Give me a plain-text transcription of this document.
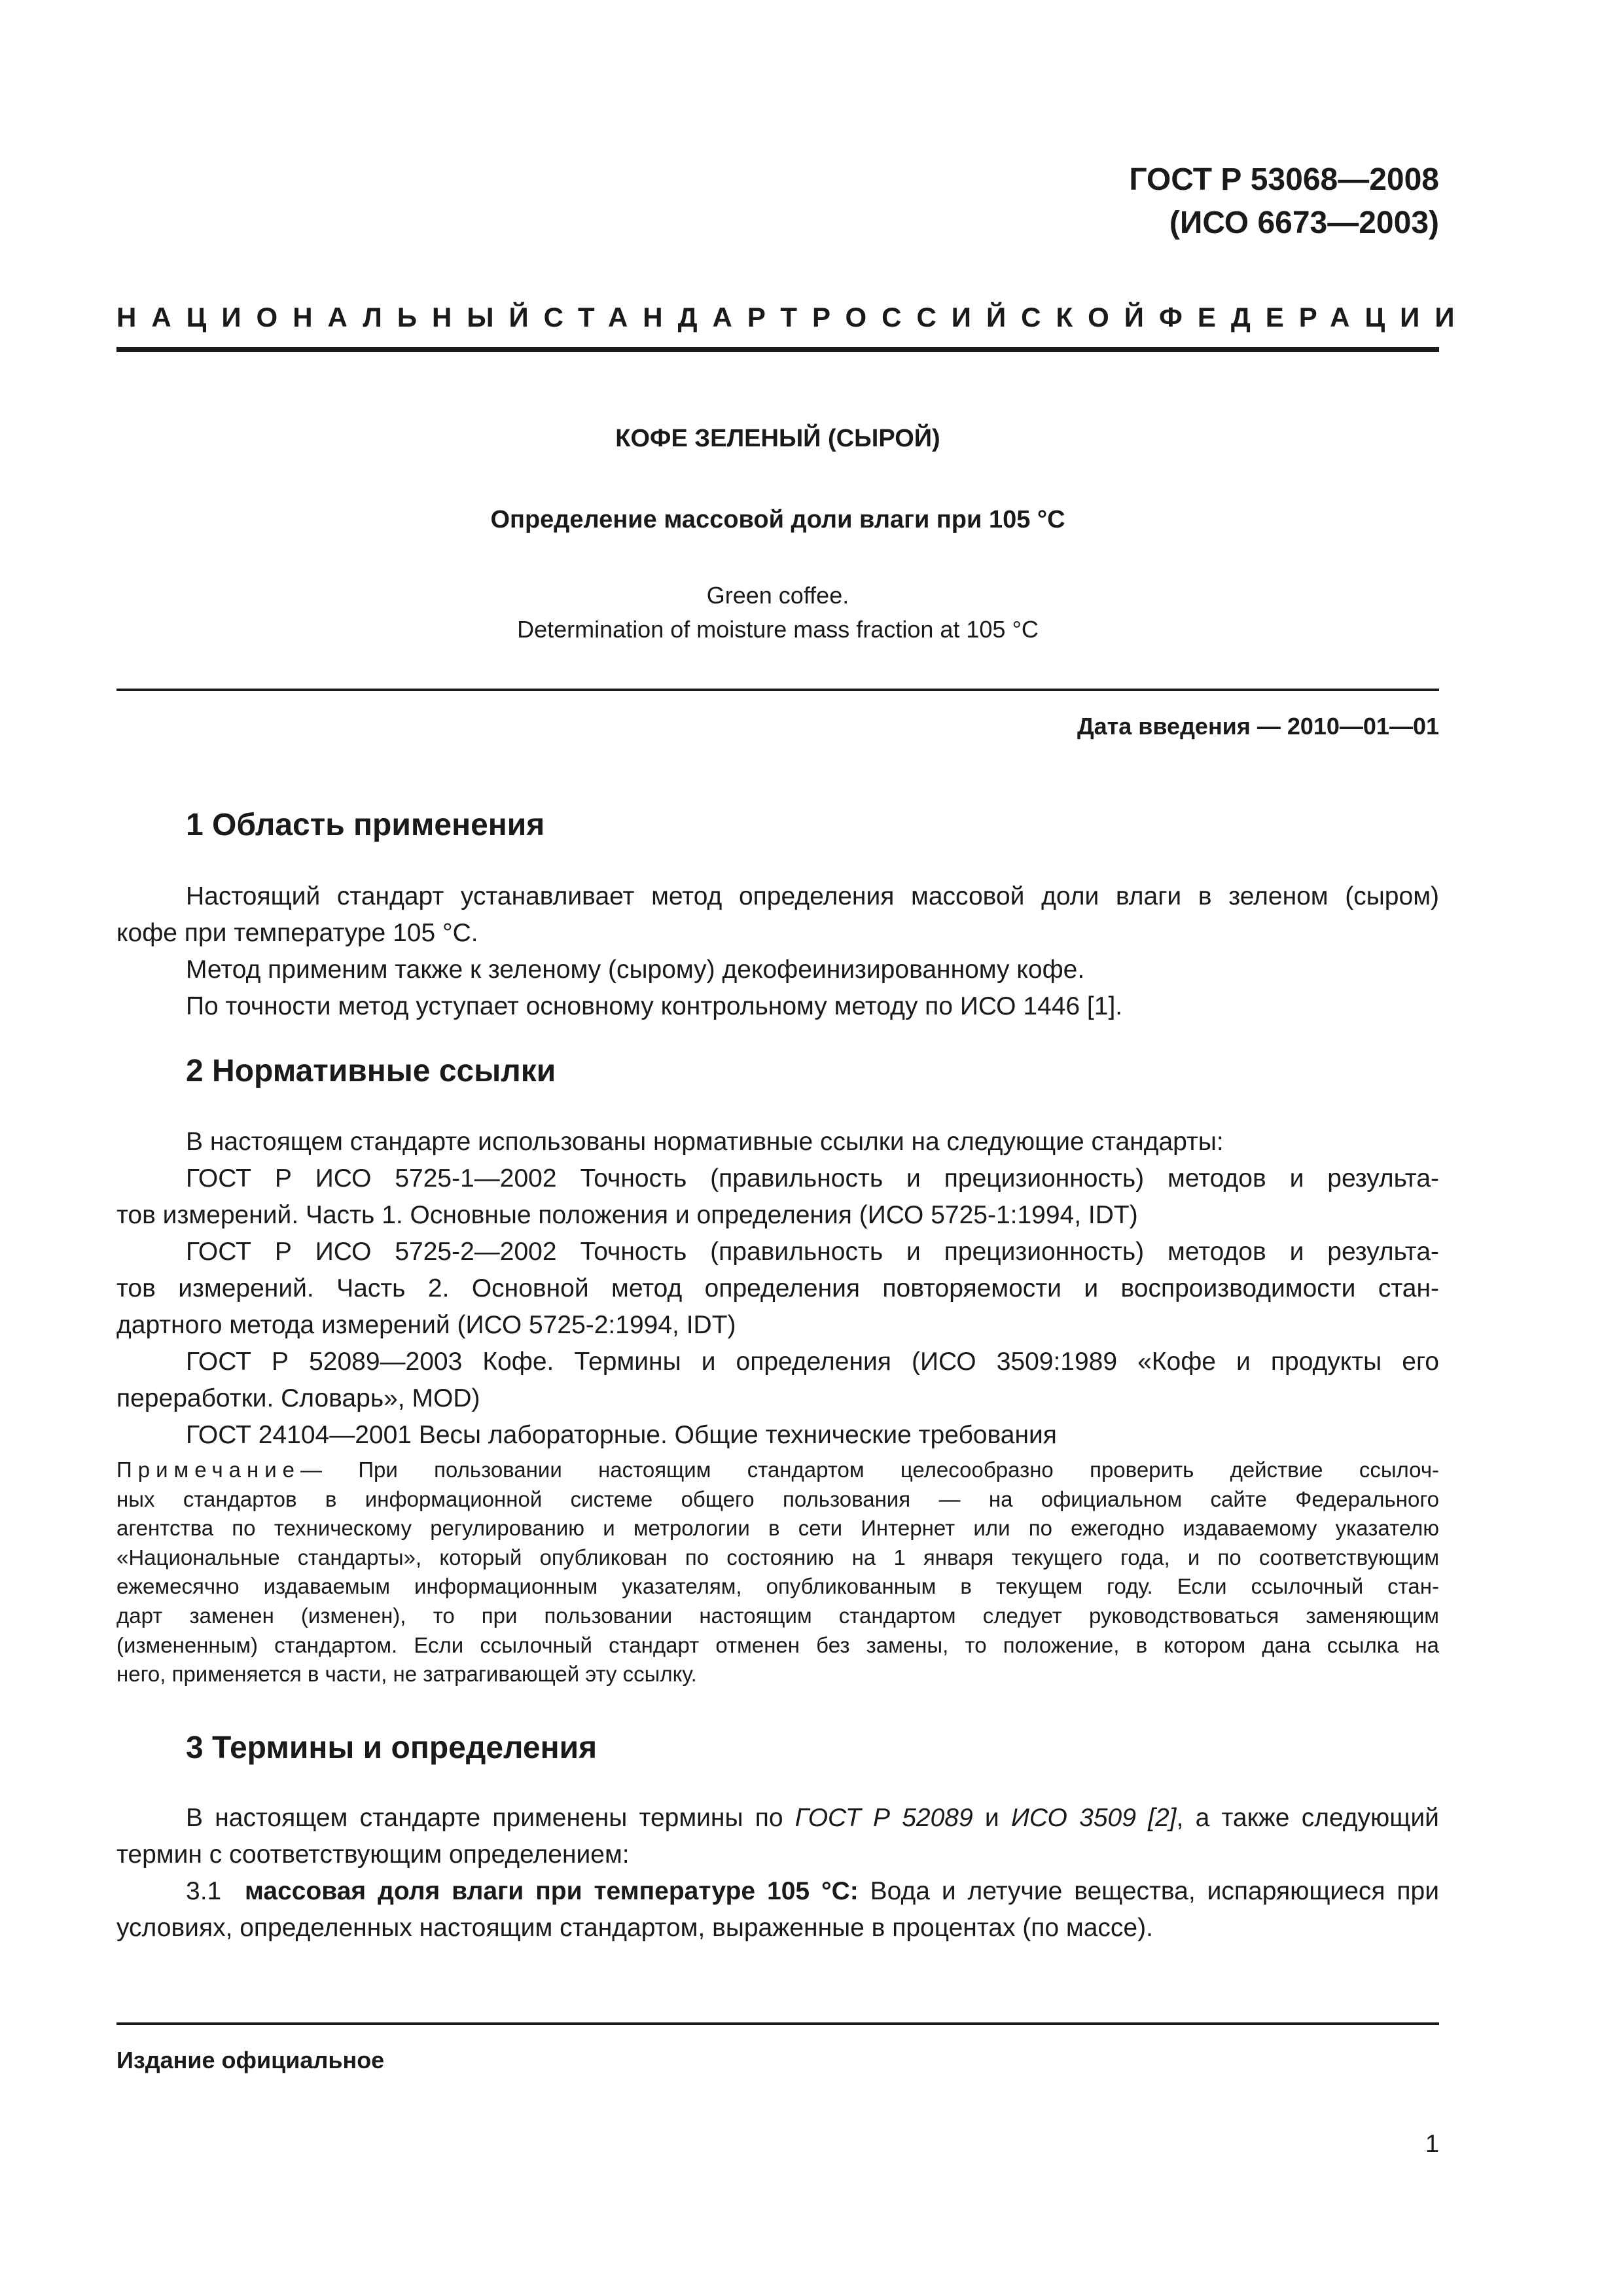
ГОСТ Р 53068—2008
(ИСО 6673—2003)
НАЦИОНАЛЬНЫЙ СТАНДАРТ РОССИЙСКОЙ ФЕДЕРАЦИИ
КОФЕ ЗЕЛЕНЫЙ (СЫРОЙ)
Определение массовой доли влаги при 105 °С
Green coffee.
Determination of moisture mass fraction at 105 °C
Дата введения — 2010—01—01
1 Область применения
Настоящий стандарт устанавливает метод определения массовой доли влаги в зеленом (сыром)
кофе при температуре 105 °С.
Метод применим также к зеленому (сырому) декофеинизированному кофе.
По точности метод уступает основному контрольному методу по ИСО 1446 [1].
2 Нормативные ссылки
В настоящем стандарте использованы нормативные ссылки на следующие стандарты:
ГОСТ Р ИСО 5725-1—2002 Точность (правильность и прецизионность) методов и результа-
тов измерений. Часть 1. Основные положения и определения (ИСО 5725-1:1994, IDT)
ГОСТ Р ИСО 5725-2—2002 Точность (правильность и прецизионность) методов и результа-
тов измерений. Часть 2. Основной метод определения повторяемости и воспроизводимости стан-
дартного метода измерений (ИСО 5725-2:1994, IDT)
ГОСТ Р 52089—2003 Кофе. Термины и определения (ИСО 3509:1989 «Кофе и продукты его
переработки. Словарь», MOD)
ГОСТ 24104—2001 Весы лабораторные. Общие технические требования
Примечание— При пользовании настоящим стандартом целесообразно проверить действие ссылоч-
ных стандартов в информационной системе общего пользования — на официальном сайте Федерального
агентства по техническому регулированию и метрологии в сети Интернет или по ежегодно издаваемому указателю
«Национальные стандарты», который опубликован по состоянию на 1 января текущего года, и по соответствующим
ежемесячно издаваемым информационным указателям, опубликованным в текущем году. Если ссылочный стан-
дарт заменен (изменен), то при пользовании настоящим стандартом следует руководствоваться заменяющим
(измененным) стандартом. Если ссылочный стандарт отменен без замены, то положение, в котором дана ссылка на
него, применяется в части, не затрагивающей эту ссылку.
3 Термины и определения
В настоящем стандарте применены термины по ГОСТ Р 52089 и ИСО 3509 [2], а также следующий
термин с соответствующим определением:
3.1 массовая доля влаги при температуре 105 °С: Вода и летучие вещества, испаряющиеся при
условиях, определенных настоящим стандартом, выраженные в процентах (по массе).
Издание официальное
1
